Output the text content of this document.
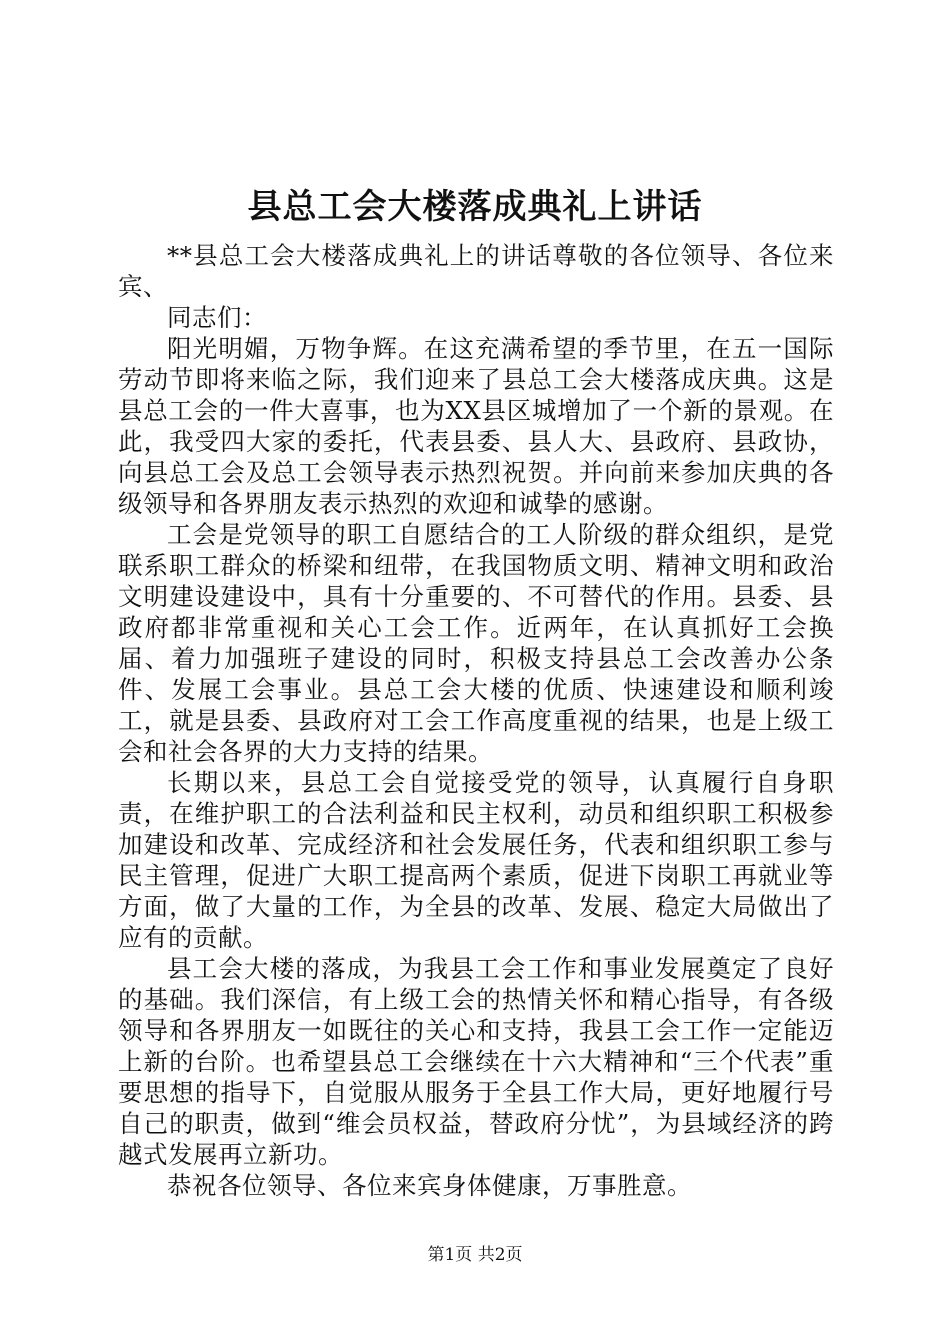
县总工会大楼落成典礼上讲话

**县总工会大楼落成典礼上的讲话尊敬的各位领导、各位来宾、

同志们：

阳光明媚，万物争辉。在这充满希望的季节里，在五一国际劳动节即将来临之际，我们迎来了县总工会大楼落成庆典。这是县总工会的一件大喜事，也为XX县区城增加了一个新的景观。在此，我受四大家的委托，代表县委、县人大、县政府、县政协，向县总工会及总工会领导表示热烈祝贺。并向前来参加庆典的各级领导和各界朋友表示热烈的欢迎和诚挚的感谢。

工会是党领导的职工自愿结合的工人阶级的群众组织，是党联系职工群众的桥梁和纽带，在我国物质文明、精神文明和政治文明建设建设中，具有十分重要的、不可替代的作用。县委、县政府都非常重视和关心工会工作。近两年，在认真抓好工会换届、着力加强班子建设的同时，积极支持县总工会改善办公条件、发展工会事业。县总工会大楼的优质、快速建设和顺利竣工，就是县委、县政府对工会工作高度重视的结果，也是上级工会和社会各界的大力支持的结果。

长期以来，县总工会自觉接受党的领导，认真履行自身职责，在维护职工的合法利益和民主权利，动员和组织职工积极参加建设和改革、完成经济和社会发展任务，代表和组织职工参与民主管理，促进广大职工提高两个素质，促进下岗职工再就业等方面，做了大量的工作，为全县的改革、发展、稳定大局做出了应有的贡献。

县工会大楼的落成，为我县工会工作和事业发展奠定了良好的基础。我们深信，有上级工会的热情关怀和精心指导，有各级领导和各界朋友一如既往的关心和支持，我县工会工作一定能迈上新的台阶。也希望县总工会继续在十六大精神和“三个代表”重要思想的指导下，自觉服从服务于全县工作大局，更好地履行号自己的职责，做到“维会员权益，替政府分忧”，为县域经济的跨越式发展再立新功。

恭祝各位领导、各位来宾身体健康，万事胜意。

第1页 共2页
